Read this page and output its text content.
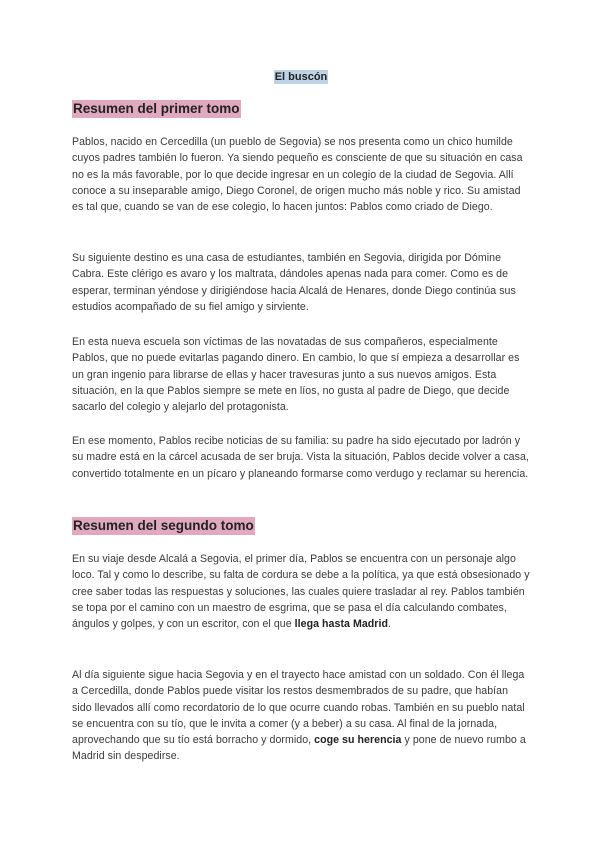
El buscón
Resumen del primer tomo

Pablos, nacido en Cercedilla (un pueblo de Segovia) se nos presenta como un chico humilde cuyos padres también lo fueron. Ya siendo pequeño es consciente de que su situación en casa no es la más favorable, por lo que decide ingresar en un colegio de la ciudad de Segovia. Allí conoce a su inseparable amigo, Diego Coronel, de origen mucho más noble y rico. Su amistad es tal que, cuando se van de ese colegio, lo hacen juntos: Pablos como criado de Diego.

Su siguiente destino es una casa de estudiantes, también en Segovia, dirigida por Dómine Cabra. Este clérigo es avaro y los maltrata, dándoles apenas nada para comer. Como es de esperar, terminan yéndose y dirigiéndose hacia Alcalá de Henares, donde Diego continúa sus estudios acompañado de su fiel amigo y sirviente.

En esta nueva escuela son víctimas de las novatadas de sus compañeros, especialmente Pablos, que no puede evitarlas pagando dinero. En cambio, lo que sí empieza a desarrollar es un gran ingenio para librarse de ellas y hacer travesuras junto a sus nuevos amigos. Esta situación, en la que Pablos siempre se mete en líos, no gusta al padre de Diego, que decide sacarlo del colegio y alejarlo del protagonista.

En ese momento, Pablos recibe noticias de su familia: su padre ha sido ejecutado por ladrón y su madre está en la cárcel acusada de ser bruja. Vista la situación, Pablos decide volver a casa, convertido totalmente en un pícaro y planeando formarse como verdugo y reclamar su herencia.

Resumen del segundo tomo

En su viaje desde Alcalá a Segovia, el primer día, Pablos se encuentra con un personaje algo loco. Tal y como lo describe, su falta de cordura se debe a la política, ya que está obsesionado y cree saber todas las respuestas y soluciones, las cuales quiere trasladar al rey. Pablos también se topa por el camino con un maestro de esgrima, que se pasa el día calculando combates, ángulos y golpes, y con un escritor, con el que llega hasta Madrid.

Al día siguiente sigue hacia Segovia y en el trayecto hace amistad con un soldado. Con él llega a Cercedilla, donde Pablos puede visitar los restos desmembrados de su padre, que habían sido llevados allí como recordatorio de lo que ocurre cuando robas. También en su pueblo natal se encuentra con su tío, que le invita a comer (y a beber) a su casa. Al final de la jornada, aprovechando que su tío está borracho y dormido, coge su herencia y pone de nuevo rumbo a Madrid sin despedirse.
